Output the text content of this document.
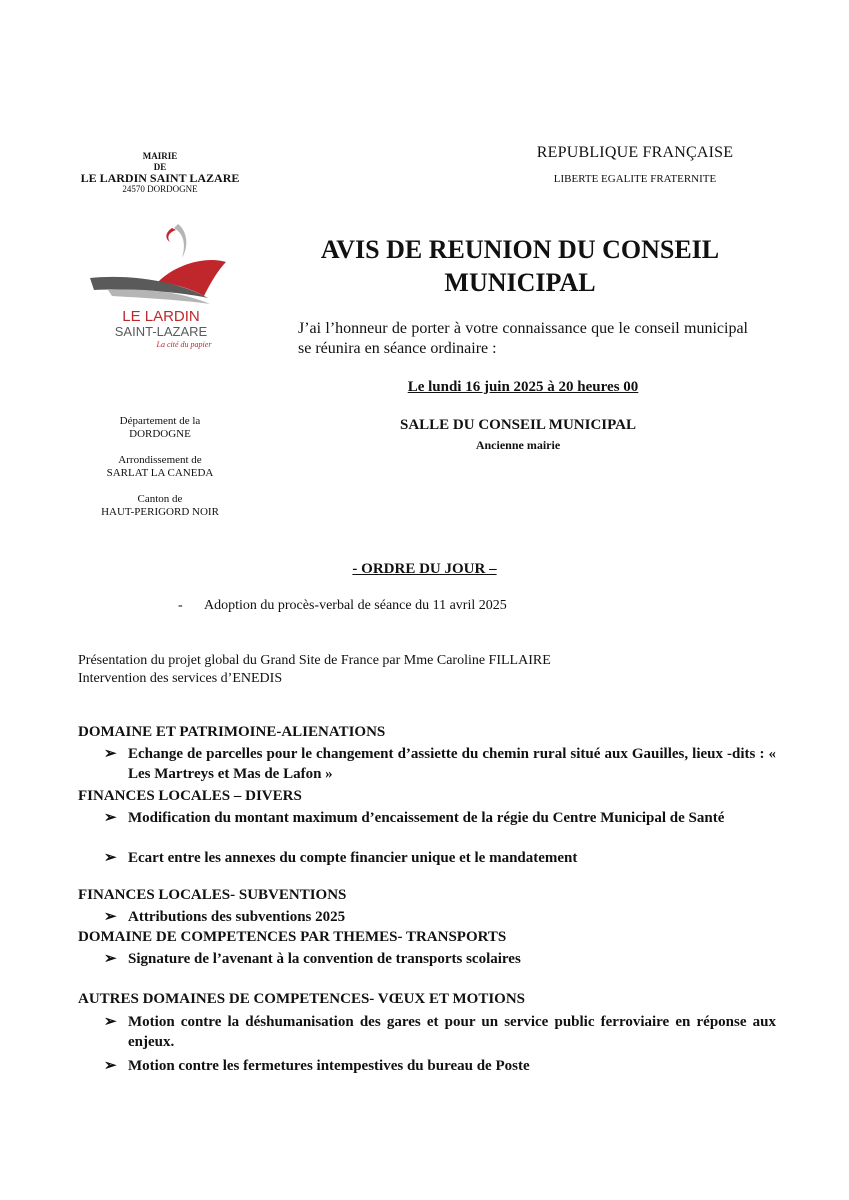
MAIRIE
DE
LE LARDIN SAINT LAZARE
24570 DORDOGNE
REPUBLIQUE FRANÇAISE
LIBERTE EGALITE FRATERNITE
LE LARDIN
SAINT-LAZARE
La cité du papier
AVIS DE REUNION DU CONSEIL
MUNICIPAL
J’ai l’honneur de porter à votre connaissance que le conseil municipal se réunira en séance ordinaire :
Le lundi 16 juin 2025 à 20 heures 00
SALLE DU CONSEIL MUNICIPAL
Ancienne mairie
Département de la
DORDOGNE
Arrondissement de
SARLAT LA CANEDA
Canton de
HAUT-PERIGORD NOIR
- ORDRE DU JOUR –
- Adoption du procès-verbal de séance du 11 avril 2025
Présentation du projet global du Grand Site de France par Mme Caroline FILLAIRE
Intervention des services d’ENEDIS
DOMAINE ET PATRIMOINE-ALIENATIONS
➢ Echange de parcelles pour le changement d’assiette du chemin rural situé aux Gauilles, lieux -dits : « Les Martreys et Mas de Lafon »
FINANCES LOCALES – DIVERS
➢ Modification du montant maximum d’encaissement de la régie du Centre Municipal de Santé
➢ Ecart entre les annexes du compte financier unique et le mandatement
FINANCES LOCALES- SUBVENTIONS
➢ Attributions des subventions 2025
DOMAINE DE COMPETENCES PAR THEMES- TRANSPORTS
➢ Signature de l’avenant à la convention de transports scolaires
AUTRES DOMAINES DE COMPETENCES- VŒUX ET MOTIONS
➢ Motion contre la déshumanisation des gares et pour un service public ferroviaire en réponse aux enjeux.
➢ Motion contre les fermetures intempestives du bureau de Poste
